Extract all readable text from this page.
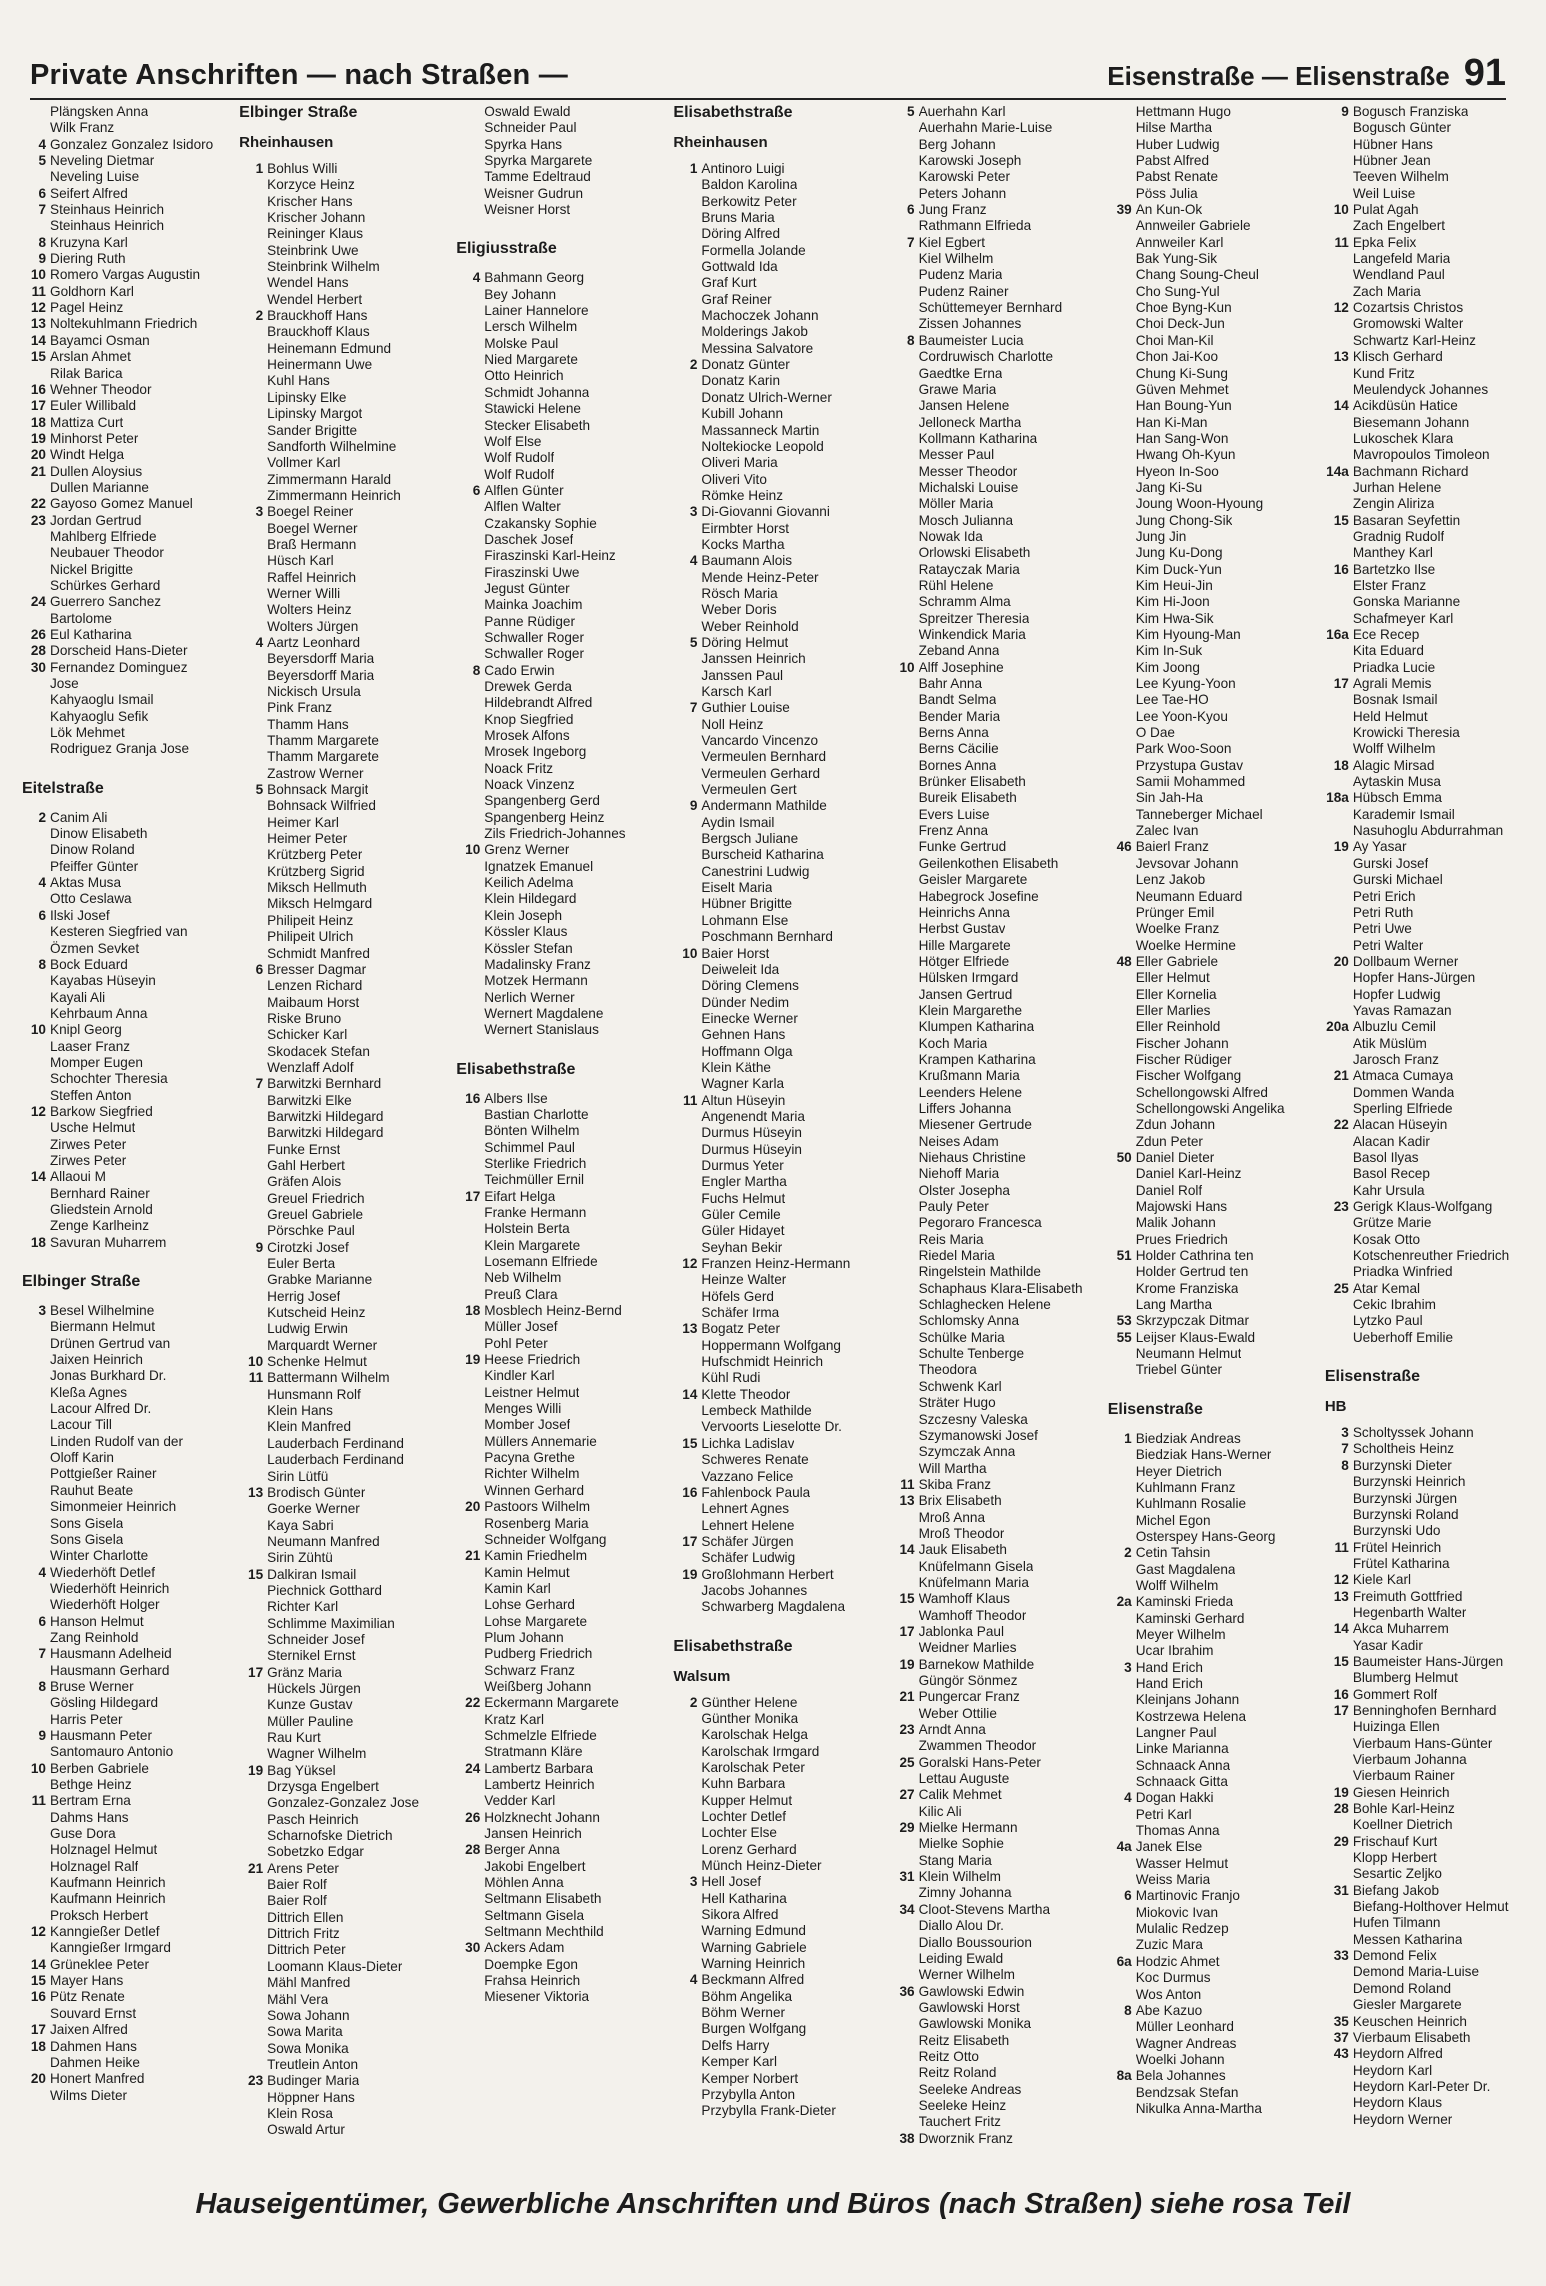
Private Anschriften — nach Straßen —	Eisenstraße — Elisenstraße 91
Plängsken Anna
Wilk Franz
4 Gonzalez Gonzalez Isidoro
5 Neveling Dietmar
Neveling Luise
6 Seifert Alfred
7 Steinhaus Heinrich
Steinhaus Heinrich
8 Kruzyna Karl
9 Diering Ruth
10 Romero Vargas Augustin
11 Goldhorn Karl
12 Pagel Heinz
13 Noltekuhlmann Friedrich
14 Bayamci Osman
15 Arslan Ahmet
Rilak Barica
16 Wehner Theodor
17 Euler Willibald
18 Mattiza Curt
19 Minhorst Peter
20 Windt Helga
21 Dullen Aloysius
Dullen Marianne
22 Gayoso Gomez Manuel
23 Jordan Gertrud
Mahlberg Elfriede
Neubauer Theodor
Nickel Brigitte
Schürkes Gerhard
24 Guerrero Sanchez
Bartolome
26 Eul Katharina
28 Dorscheid Hans-Dieter
30 Fernandez Dominguez
Jose
Kahyaoglu Ismail
Kahyaoglu Sefik
Lök Mehmet
Rodriguez Granja Jose
Eitelstraße
2 Canim Ali
Dinow Elisabeth
Dinow Roland
Pfeiffer Günter
4 Aktas Musa
Otto Ceslawa
6 Ilski Josef
Kesteren Siegfried van
Özmen Sevket
8 Bock Eduard
Kayabas Hüseyin
Kayali Ali
Kehrbaum Anna
10 Knipl Georg
Laaser Franz
Momper Eugen
Schochter Theresia
Steffen Anton
12 Barkow Siegfried
Usche Helmut
Zirwes Peter
Zirwes Peter
14 Allaoui M
Bernhard Rainer
Gliedstein Arnold
Zenge Karlheinz
18 Savuran Muharrem
Elbinger Straße
3 Besel Wilhelmine
Biermann Helmut
Drünen Gertrud van
Jaixen Heinrich
Jonas Burkhard Dr.
Kleßa Agnes
Lacour Alfred Dr.
Lacour Till
Linden Rudolf van der
Oloff Karin
Pottgießer Rainer
Rauhut Beate
Simonmeier Heinrich
Sons Gisela
Sons Gisela
Winter Charlotte
4 Wiederhöft Detlef
Wiederhöft Heinrich
Wiederhöft Holger
6 Hanson Helmut
Zang Reinhold
7 Hausmann Adelheid
Hausmann Gerhard
8 Bruse Werner
Gösling Hildegard
Harris Peter
9 Hausmann Peter
Santomauro Antonio
10 Berben Gabriele
Bethge Heinz
11 Bertram Erna
Dahms Hans
Guse Dora
Holznagel Helmut
Holznagel Ralf
Kaufmann Heinrich
Kaufmann Heinrich
Proksch Herbert
12 Kanngießer Detlef
Kanngießer Irmgard
14 Grüneklee Peter
15 Mayer Hans
16 Pütz Renate
Souvard Ernst
17 Jaixen Alfred
18 Dahmen Hans
Dahmen Heike
20 Honert Manfred
Wilms Dieter
Elbinger Straße
Rheinhausen
1 Bohlus Willi
Korzyce Heinz
Krischer Hans
Krischer Johann
Reininger Klaus
Steinbrink Uwe
Steinbrink Wilhelm
Wendel Hans
Wendel Herbert
2 Brauckhoff Hans
Brauckhoff Klaus
Heinemann Edmund
Heinermann Uwe
Kuhl Hans
Lipinsky Elke
Lipinsky Margot
Sander Brigitte
Sandforth Wilhelmine
Vollmer Karl
Zimmermann Harald
Zimmermann Heinrich
3 Boegel Reiner
Boegel Werner
Braß Hermann
Hüsch Karl
Raffel Heinrich
Werner Willi
Wolters Heinz
Wolters Jürgen
4 Aartz Leonhard
Beyersdorff Maria
Beyersdorff Maria
Nickisch Ursula
Pink Franz
Thamm Hans
Thamm Margarete
Thamm Margarete
Zastrow Werner
5 Bohnsack Margit
Bohnsack Wilfried
Heimer Karl
Heimer Peter
Krützberg Peter
Krützberg Sigrid
Miksch Hellmuth
Miksch Helmgard
Philipeit Heinz
Philipeit Ulrich
Schmidt Manfred
6 Bresser Dagmar
Lenzen Richard
Maibaum Horst
Riske Bruno
Schicker Karl
Skodacek Stefan
Wenzlaff Adolf
7 Barwitzki Bernhard
Barwitzki Elke
Barwitzki Hildegard
Barwitzki Hildegard
Funke Ernst
Gahl Herbert
Gräfen Alois
Greuel Friedrich
Greuel Gabriele
Pörschke Paul
9 Cirotzki Josef
Euler Berta
Grabke Marianne
Herrig Josef
Kutscheid Heinz
Ludwig Erwin
Marquardt Werner
10 Schenke Helmut
11 Battermann Wilhelm
Hunsmann Rolf
Klein Hans
Klein Manfred
Lauderbach Ferdinand
Lauderbach Ferdinand
Sirin Lütfü
13 Brodisch Günter
Goerke Werner
Kaya Sabri
Neumann Manfred
Sirin Zühtü
15 Dalkiran Ismail
Piechnick Gotthard
Richter Karl
Schlimme Maximilian
Schneider Josef
Sternikel Ernst
17 Gränz Maria
Hückels Jürgen
Kunze Gustav
Müller Pauline
Rau Kurt
Wagner Wilhelm
19 Bag Yüksel
Drzysga Engelbert
Gonzalez-Gonzalez Jose
Pasch Heinrich
Scharnofske Dietrich
Sobetzko Edgar
21 Arens Peter
Baier Rolf
Baier Rolf
Dittrich Ellen
Dittrich Fritz
Dittrich Peter
Loomann Klaus-Dieter
Mähl Manfred
Mähl Vera
Sowa Johann
Sowa Marita
Sowa Monika
Treutlein Anton
23 Budinger Maria
Höppner Hans
Klein Rosa
Oswald Artur
Oswald Ewald
Schneider Paul
Spyrka Hans
Spyrka Margarete
Tamme Edeltraud
Weisner Gudrun
Weisner Horst
Eligiusstraße
4 Bahmann Georg
Bey Johann
Lainer Hannelore
Lersch Wilhelm
Molske Paul
Nied Margarete
Otto Heinrich
Schmidt Johanna
Stawicki Helene
Stecker Elisabeth
Wolf Else
Wolf Rudolf
Wolf Rudolf
6 Alflen Günter
Alflen Walter
Czakansky Sophie
Daschek Josef
Firaszinski Karl-Heinz
Firaszinski Uwe
Jegust Günter
Mainka Joachim
Panne Rüdiger
Schwaller Roger
Schwaller Roger
8 Cado Erwin
Drewek Gerda
Hildebrandt Alfred
Knop Siegfried
Mrosek Alfons
Mrosek Ingeborg
Noack Fritz
Noack Vinzenz
Spangenberg Gerd
Spangenberg Heinz
Zils Friedrich-Johannes
10 Grenz Werner
Ignatzek Emanuel
Keilich Adelma
Klein Hildegard
Klein Joseph
Kössler Klaus
Kössler Stefan
Madalinsky Franz
Motzek Hermann
Nerlich Werner
Wernert Magdalene
Wernert Stanislaus
Elisabethstraße
16 Albers Ilse
Bastian Charlotte
Bönten Wilhelm
Schimmel Paul
Sterlike Friedrich
Teichmüller Ernil
17 Eifart Helga
Franke Hermann
Holstein Berta
Klein Margarete
Losemann Elfriede
Neb Wilhelm
Preuß Clara
18 Mosblech Heinz-Bernd
Müller Josef
Pohl Peter
19 Heese Friedrich
Kindler Karl
Leistner Helmut
Menges Willi
Momber Josef
Müllers Annemarie
Pacyna Grethe
Richter Wilhelm
Winnen Gerhard
20 Pastoors Wilhelm
Rosenberg Maria
Schneider Wolfgang
21 Kamin Friedhelm
Kamin Helmut
Kamin Karl
Lohse Gerhard
Lohse Margarete
Plum Johann
Pudberg Friedrich
Schwarz Franz
Weißberg Johann
22 Eckermann Margarete
Kratz Karl
Schmelzle Elfriede
Stratmann Kläre
24 Lambertz Barbara
Lambertz Heinrich
Vedder Karl
26 Holzknecht Johann
Jansen Heinrich
28 Berger Anna
Jakobi Engelbert
Möhlen Anna
Seltmann Elisabeth
Seltmann Gisela
Seltmann Mechthild
30 Ackers Adam
Doempke Egon
Frahsa Heinrich
Miesener Viktoria
Elisabethstraße
Rheinhausen
1 Antinoro Luigi
Baldon Karolina
Berkowitz Peter
Bruns Maria
Döring Alfred
Formella Jolande
Gottwald Ida
Graf Kurt
Graf Reiner
Machoczek Johann
Molderings Jakob
Messina Salvatore
2 Donatz Günter
Donatz Karin
Donatz Ulrich-Werner
Kubill Johann
Massanneck Martin
Noltekiocke Leopold
Oliveri Maria
Oliveri Vito
Römke Heinz
3 Di-Giovanni Giovanni
Eirmbter Horst
Kocks Martha
4 Baumann Alois
Mende Heinz-Peter
Rösch Maria
Weber Doris
Weber Reinhold
5 Döring Helmut
Janssen Heinrich
Janssen Paul
Karsch Karl
7 Guthier Louise
Noll Heinz
Vancardo Vincenzo
Vermeulen Bernhard
Vermeulen Gerhard
Vermeulen Gert
9 Andermann Mathilde
Aydin Ismail
Bergsch Juliane
Burscheid Katharina
Canestrini Ludwig
Eiselt Maria
Hübner Brigitte
Lohmann Else
Poschmann Bernhard
10 Baier Horst
Deiweleit Ida
Döring Clemens
Dünder Nedim
Einecke Werner
Gehnen Hans
Hoffmann Olga
Klein Käthe
Wagner Karla
11 Altun Hüseyin
Angenendt Maria
Durmus Hüseyin
Durmus Hüseyin
Durmus Yeter
Engler Martha
Fuchs Helmut
Güler Cemile
Güler Hidayet
Seyhan Bekir
12 Franzen Heinz-Hermann
Heinze Walter
Höfels Gerd
Schäfer Irma
13 Bogatz Peter
Hoppermann Wolfgang
Hufschmidt Heinrich
Kühl Rudi
14 Klette Theodor
Lembeck Mathilde
Vervoorts Lieselotte Dr.
15 Lichka Ladislav
Schweres Renate
Vazzano Felice
16 Fahlenbock Paula
Lehnert Agnes
Lehnert Helene
17 Schäfer Jürgen
Schäfer Ludwig
19 Großlohmann Herbert
Jacobs Johannes
Schwarberg Magdalena
Elisabethstraße
Walsum
2 Günther Helene
Günther Monika
Karolschak Helga
Karolschak Irmgard
Karolschak Peter
Kuhn Barbara
Kupper Helmut
Lochter Detlef
Lochter Else
Lorenz Gerhard
Münch Heinz-Dieter
3 Hell Josef
Hell Katharina
Sikora Alfred
Warning Edmund
Warning Gabriele
Warning Heinrich
4 Beckmann Alfred
Böhm Angelika
Böhm Werner
Burgen Wolfgang
Delfs Harry
Kemper Karl
Kemper Norbert
Przybylla Anton
Przybylla Frank-Dieter
5 Auerhahn Karl
Auerhahn Marie-Luise
Berg Johann
Karowski Joseph
Karowski Peter
Peters Johann
6 Jung Franz
Rathmann Elfrieda
7 Kiel Egbert
Kiel Wilhelm
Pudenz Maria
Pudenz Rainer
Schüttemeyer Bernhard
Zissen Johannes
8 Baumeister Lucia
Cordruwisch Charlotte
Gaedtke Erna
Grawe Maria
Jansen Helene
Jelloneck Martha
Kollmann Katharina
Messer Paul
Messer Theodor
Michalski Louise
Möller Maria
Mosch Julianna
Nowak Ida
Orlowski Elisabeth
Ratayczak Maria
Rühl Helene
Schramm Alma
Spreitzer Theresia
Winkendick Maria
Zeband Anna
10 Alff Josephine
Bahr Anna
Bandt Selma
Bender Maria
Berns Anna
Berns Cäcilie
Bornes Anna
Brünker Elisabeth
Bureik Elisabeth
Evers Luise
Frenz Anna
Funke Gertrud
Geilenkothen Elisabeth
Geisler Margarete
Habegrock Josefine
Heinrichs Anna
Herbst Gustav
Hille Margarete
Hötger Elfriede
Hülsken Irmgard
Jansen Gertrud
Klein Margarethe
Klumpen Katharina
Koch Maria
Krampen Katharina
Krußmann Maria
Leenders Helene
Liffers Johanna
Miesener Gertrude
Neises Adam
Niehaus Christine
Niehoff Maria
Olster Josepha
Pauly Peter
Pegoraro Francesca
Reis Maria
Riedel Maria
Ringelstein Mathilde
Schaphaus Klara-Elisabeth
Schlaghecken Helene
Schlomsky Anna
Schülke Maria
Schulte Tenberge
Theodora
Schwenk Karl
Sträter Hugo
Szczesny Valeska
Szymanowski Josef
Szymczak Anna
Will Martha
11 Skiba Franz
13 Brix Elisabeth
Mroß Anna
Mroß Theodor
14 Jauk Elisabeth
Knüfelmann Gisela
Knüfelmann Maria
15 Wamhoff Klaus
Wamhoff Theodor
17 Jablonka Paul
Weidner Marlies
19 Barnekow Mathilde
Güngör Sönmez
21 Pungercar Franz
Weber Ottilie
23 Arndt Anna
Zwammen Theodor
25 Goralski Hans-Peter
Lettau Auguste
27 Calik Mehmet
Kilic Ali
29 Mielke Hermann
Mielke Sophie
Stang Maria
31 Klein Wilhelm
Zimny Johanna
34 Cloot-Stevens Martha
Diallo Alou Dr.
Diallo Boussourion
Leiding Ewald
Werner Wilhelm
36 Gawlowski Edwin
Gawlowski Horst
Gawlowski Monika
Reitz Elisabeth
Reitz Otto
Reitz Roland
Seeleke Andreas
Seeleke Heinz
Tauchert Fritz
38 Dworznik Franz
Hettmann Hugo
Hilse Martha
Huber Ludwig
Pabst Alfred
Pabst Renate
Pöss Julia
39 An Kun-Ok
Annweiler Gabriele
Annweiler Karl
Bak Yung-Sik
Chang Soung-Cheul
Cho Sung-Yul
Choe Byng-Kun
Choi Deck-Jun
Choi Man-Kil
Chon Jai-Koo
Chung Ki-Sung
Güven Mehmet
Han Boung-Yun
Han Ki-Man
Han Sang-Won
Hwang Oh-Kyun
Hyeon In-Soo
Jang Ki-Su
Joung Woon-Hyoung
Jung Chong-Sik
Jung Jin
Jung Ku-Dong
Kim Duck-Yun
Kim Heui-Jin
Kim Hi-Joon
Kim Hwa-Sik
Kim Hyoung-Man
Kim In-Suk
Kim Joong
Lee Kyung-Yoon
Lee Tae-HO
Lee Yoon-Kyou
O Dae
Park Woo-Soon
Przystupa Gustav
Samii Mohammed
Sin Jah-Ha
Tanneberger Michael
Zalec Ivan
46 Baierl Franz
Jevsovar Johann
Lenz Jakob
Neumann Eduard
Prünger Emil
Woelke Franz
Woelke Hermine
48 Eller Gabriele
Eller Helmut
Eller Kornelia
Eller Marlies
Eller Reinhold
Fischer Johann
Fischer Rüdiger
Fischer Wolfgang
Schellongowski Alfred
Schellongowski Angelika
Zdun Johann
Zdun Peter
50 Daniel Dieter
Daniel Karl-Heinz
Daniel Rolf
Majowski Hans
Malik Johann
Prues Friedrich
51 Holder Cathrina ten
Holder Gertrud ten
Krome Franziska
Lang Martha
53 Skrzypczak Ditmar
55 Leijser Klaus-Ewald
Neumann Helmut
Triebel Günter
Elisenstraße
1 Biedziak Andreas
Biedziak Hans-Werner
Heyer Dietrich
Kuhlmann Franz
Kuhlmann Rosalie
Michel Egon
Osterspey Hans-Georg
2 Cetin Tahsin
Gast Magdalena
Wolff Wilhelm
2a Kaminski Frieda
Kaminski Gerhard
Meyer Wilhelm
Ucar Ibrahim
3 Hand Erich
Hand Erich
Kleinjans Johann
Kostrzewa Helena
Langner Paul
Linke Marianna
Schnaack Anna
Schnaack Gitta
4 Dogan Hakki
Petri Karl
Thomas Anna
4a Janek Else
Wasser Helmut
Weiss Maria
6 Martinovic Franjo
Miokovic Ivan
Mulalic Redzep
Zuzic Mara
6a Hodzic Ahmet
Koc Durmus
Wos Anton
8 Abe Kazuo
Müller Leonhard
Wagner Andreas
Woelki Johann
8a Bela Johannes
Bendzsak Stefan
Nikulka Anna-Martha
9 Bogusch Franziska
Bogusch Günter
Hübner Hans
Hübner Jean
Teeven Wilhelm
Weil Luise
10 Pulat Agah
Zach Engelbert
11 Epka Felix
Langefeld Maria
Wendland Paul
Zach Maria
12 Cozartsis Christos
Gromowski Walter
Schwartz Karl-Heinz
13 Klisch Gerhard
Kund Fritz
Meulendyck Johannes
14 Acikdüsün Hatice
Biesemann Johann
Lukoschek Klara
Mavropoulos Timoleon
14a Bachmann Richard
Jurhan Helene
Zengin Aliriza
15 Basaran Seyfettin
Gradnig Rudolf
Manthey Karl
16 Bartetzko Ilse
Elster Franz
Gonska Marianne
Schafmeyer Karl
16a Ece Recep
Kita Eduard
Priadka Lucie
17 Agrali Memis
Bosnak Ismail
Held Helmut
Krowicki Theresia
Wolff Wilhelm
18 Alagic Mirsad
Aytaskin Musa
18a Hübsch Emma
Karademir Ismail
Nasuhoglu Abdurrahman
19 Ay Yasar
Gurski Josef
Gurski Michael
Petri Erich
Petri Ruth
Petri Uwe
Petri Walter
20 Dollbaum Werner
Hopfer Hans-Jürgen
Hopfer Ludwig
Yavas Ramazan
20a Albuzlu Cemil
Atik Müslüm
Jarosch Franz
21 Atmaca Cumaya
Dommen Wanda
Sperling Elfriede
22 Alacan Hüseyin
Alacan Kadir
Basol Ilyas
Basol Recep
Kahr Ursula
23 Gerigk Klaus-Wolfgang
Grütze Marie
Kosak Otto
Kotschenreuther Friedrich
Priadka Winfried
25 Atar Kemal
Cekic Ibrahim
Lytzko Paul
Ueberhoff Emilie
Elisenstraße
HB
3 Scholtyssek Johann
7 Scholtheis Heinz
8 Burzynski Dieter
Burzynski Heinrich
Burzynski Jürgen
Burzynski Roland
Burzynski Udo
11 Frütel Heinrich
Frütel Katharina
12 Kiele Karl
13 Freimuth Gottfried
Hegenbarth Walter
14 Akca Muharrem
Yasar Kadir
15 Baumeister Hans-Jürgen
Blumberg Helmut
16 Gommert Rolf
17 Benninghofen Bernhard
Huizinga Ellen
Vierbaum Hans-Günter
Vierbaum Johanna
Vierbaum Rainer
19 Giesen Heinrich
28 Bohle Karl-Heinz
Koellner Dietrich
29 Frischauf Kurt
Klopp Herbert
Sesartic Zeljko
31 Biefang Jakob
Biefang-Holthover Helmut
Hufen Tilmann
Messen Katharina
33 Demond Felix
Demond Maria-Luise
Demond Roland
Giesler Margarete
35 Keuschen Heinrich
37 Vierbaum Elisabeth
43 Heydorn Alfred
Heydorn Karl
Heydorn Karl-Peter Dr.
Heydorn Klaus
Heydorn Werner
Hauseigentümer, Gewerbliche Anschriften und Büros (nach Straßen) siehe rosa Teil
